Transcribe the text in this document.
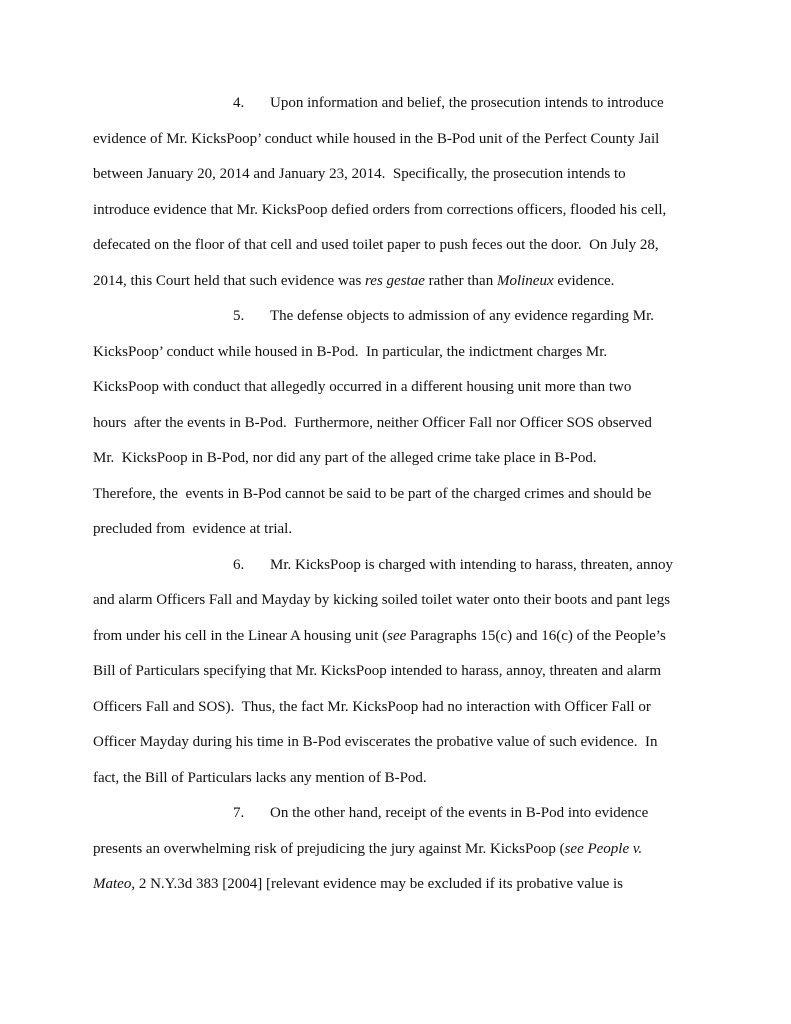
4. Upon information and belief, the prosecution intends to introduce
evidence of Mr. KicksPoop’ conduct while housed in the B-Pod unit of the Perfect County Jail
between January 20, 2014 and January 23, 2014.  Specifically, the prosecution intends to
introduce evidence that Mr. KicksPoop defied orders from corrections officers, flooded his cell,
defecated on the floor of that cell and used toilet paper to push feces out the door.  On July 28,
2014, this Court held that such evidence was res gestae rather than Molineux evidence.
5. The defense objects to admission of any evidence regarding Mr.
KicksPoop’ conduct while housed in B-Pod.  In particular, the indictment charges Mr.
KicksPoop with conduct that allegedly occurred in a different housing unit more than two
hours  after the events in B-Pod.  Furthermore, neither Officer Fall nor Officer SOS observed
Mr.  KicksPoop in B-Pod, nor did any part of the alleged crime take place in B-Pod.
Therefore, the  events in B-Pod cannot be said to be part of the charged crimes and should be
precluded from  evidence at trial.
6. Mr. KicksPoop is charged with intending to harass, threaten, annoy
and alarm Officers Fall and Mayday by kicking soiled toilet water onto their boots and pant legs
from under his cell in the Linear A housing unit (see Paragraphs 15(c) and 16(c) of the People’s
Bill of Particulars specifying that Mr. KicksPoop intended to harass, annoy, threaten and alarm
Officers Fall and SOS).  Thus, the fact Mr. KicksPoop had no interaction with Officer Fall or
Officer Mayday during his time in B-Pod eviscerates the probative value of such evidence.  In
fact, the Bill of Particulars lacks any mention of B-Pod.
7. On the other hand, receipt of the events in B-Pod into evidence
presents an overwhelming risk of prejudicing the jury against Mr. KicksPoop (see People v.
Mateo, 2 N.Y.3d 383 [2004] [relevant evidence may be excluded if its probative value is
